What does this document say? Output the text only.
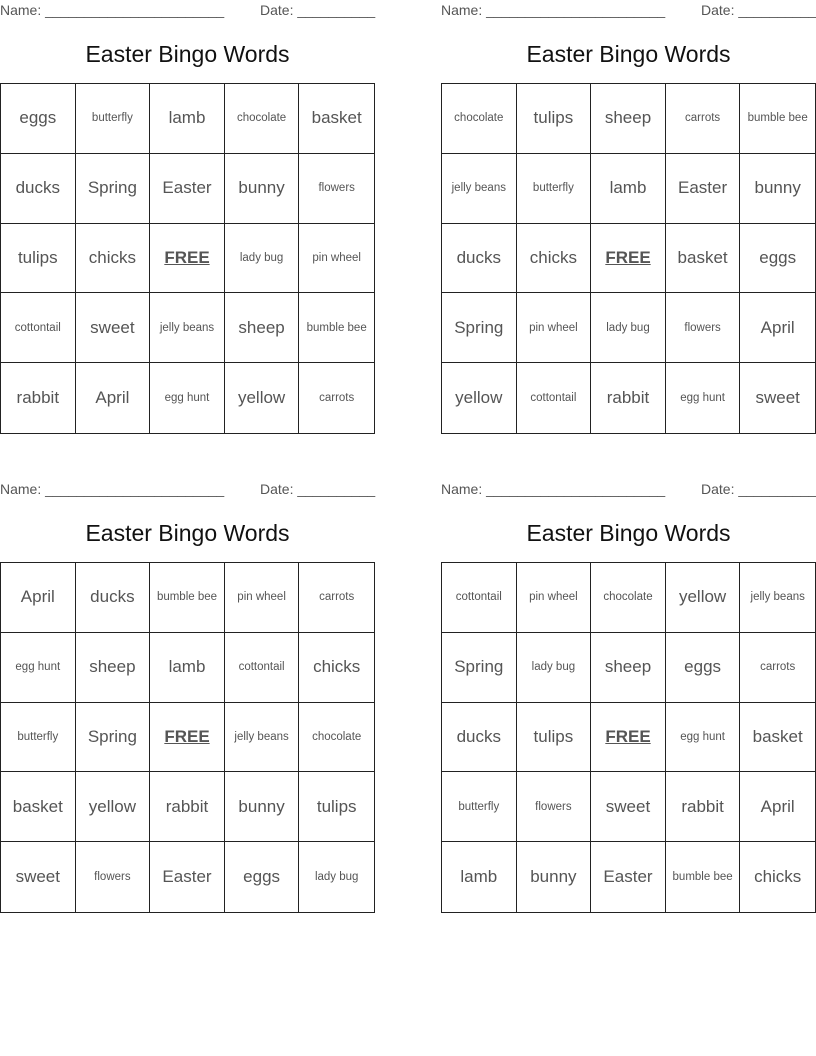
Name: _______________________	Date: __________
Easter Bingo Words
eggs	butterfly	lamb	chocolate	basket
ducks	Spring	Easter	bunny	flowers
tulips	chicks	FREE	lady bug	pin wheel
cottontail	sweet	jelly beans	sheep	bumble bee
rabbit	April	egg hunt	yellow	carrots
Name: _______________________	Date: __________
Easter Bingo Words
chocolate	tulips	sheep	carrots	bumble bee
jelly beans	butterfly	lamb	Easter	bunny
ducks	chicks	FREE	basket	eggs
Spring	pin wheel	lady bug	flowers	April
yellow	cottontail	rabbit	egg hunt	sweet
Name: _______________________	Date: __________
Easter Bingo Words
April	ducks	bumble bee	pin wheel	carrots
egg hunt	sheep	lamb	cottontail	chicks
butterfly	Spring	FREE	jelly beans	chocolate
basket	yellow	rabbit	bunny	tulips
sweet	flowers	Easter	eggs	lady bug
Name: _______________________	Date: __________
Easter Bingo Words
cottontail	pin wheel	chocolate	yellow	jelly beans
Spring	lady bug	sheep	eggs	carrots
ducks	tulips	FREE	egg hunt	basket
butterfly	flowers	sweet	rabbit	April
lamb	bunny	Easter	bumble bee	chicks
